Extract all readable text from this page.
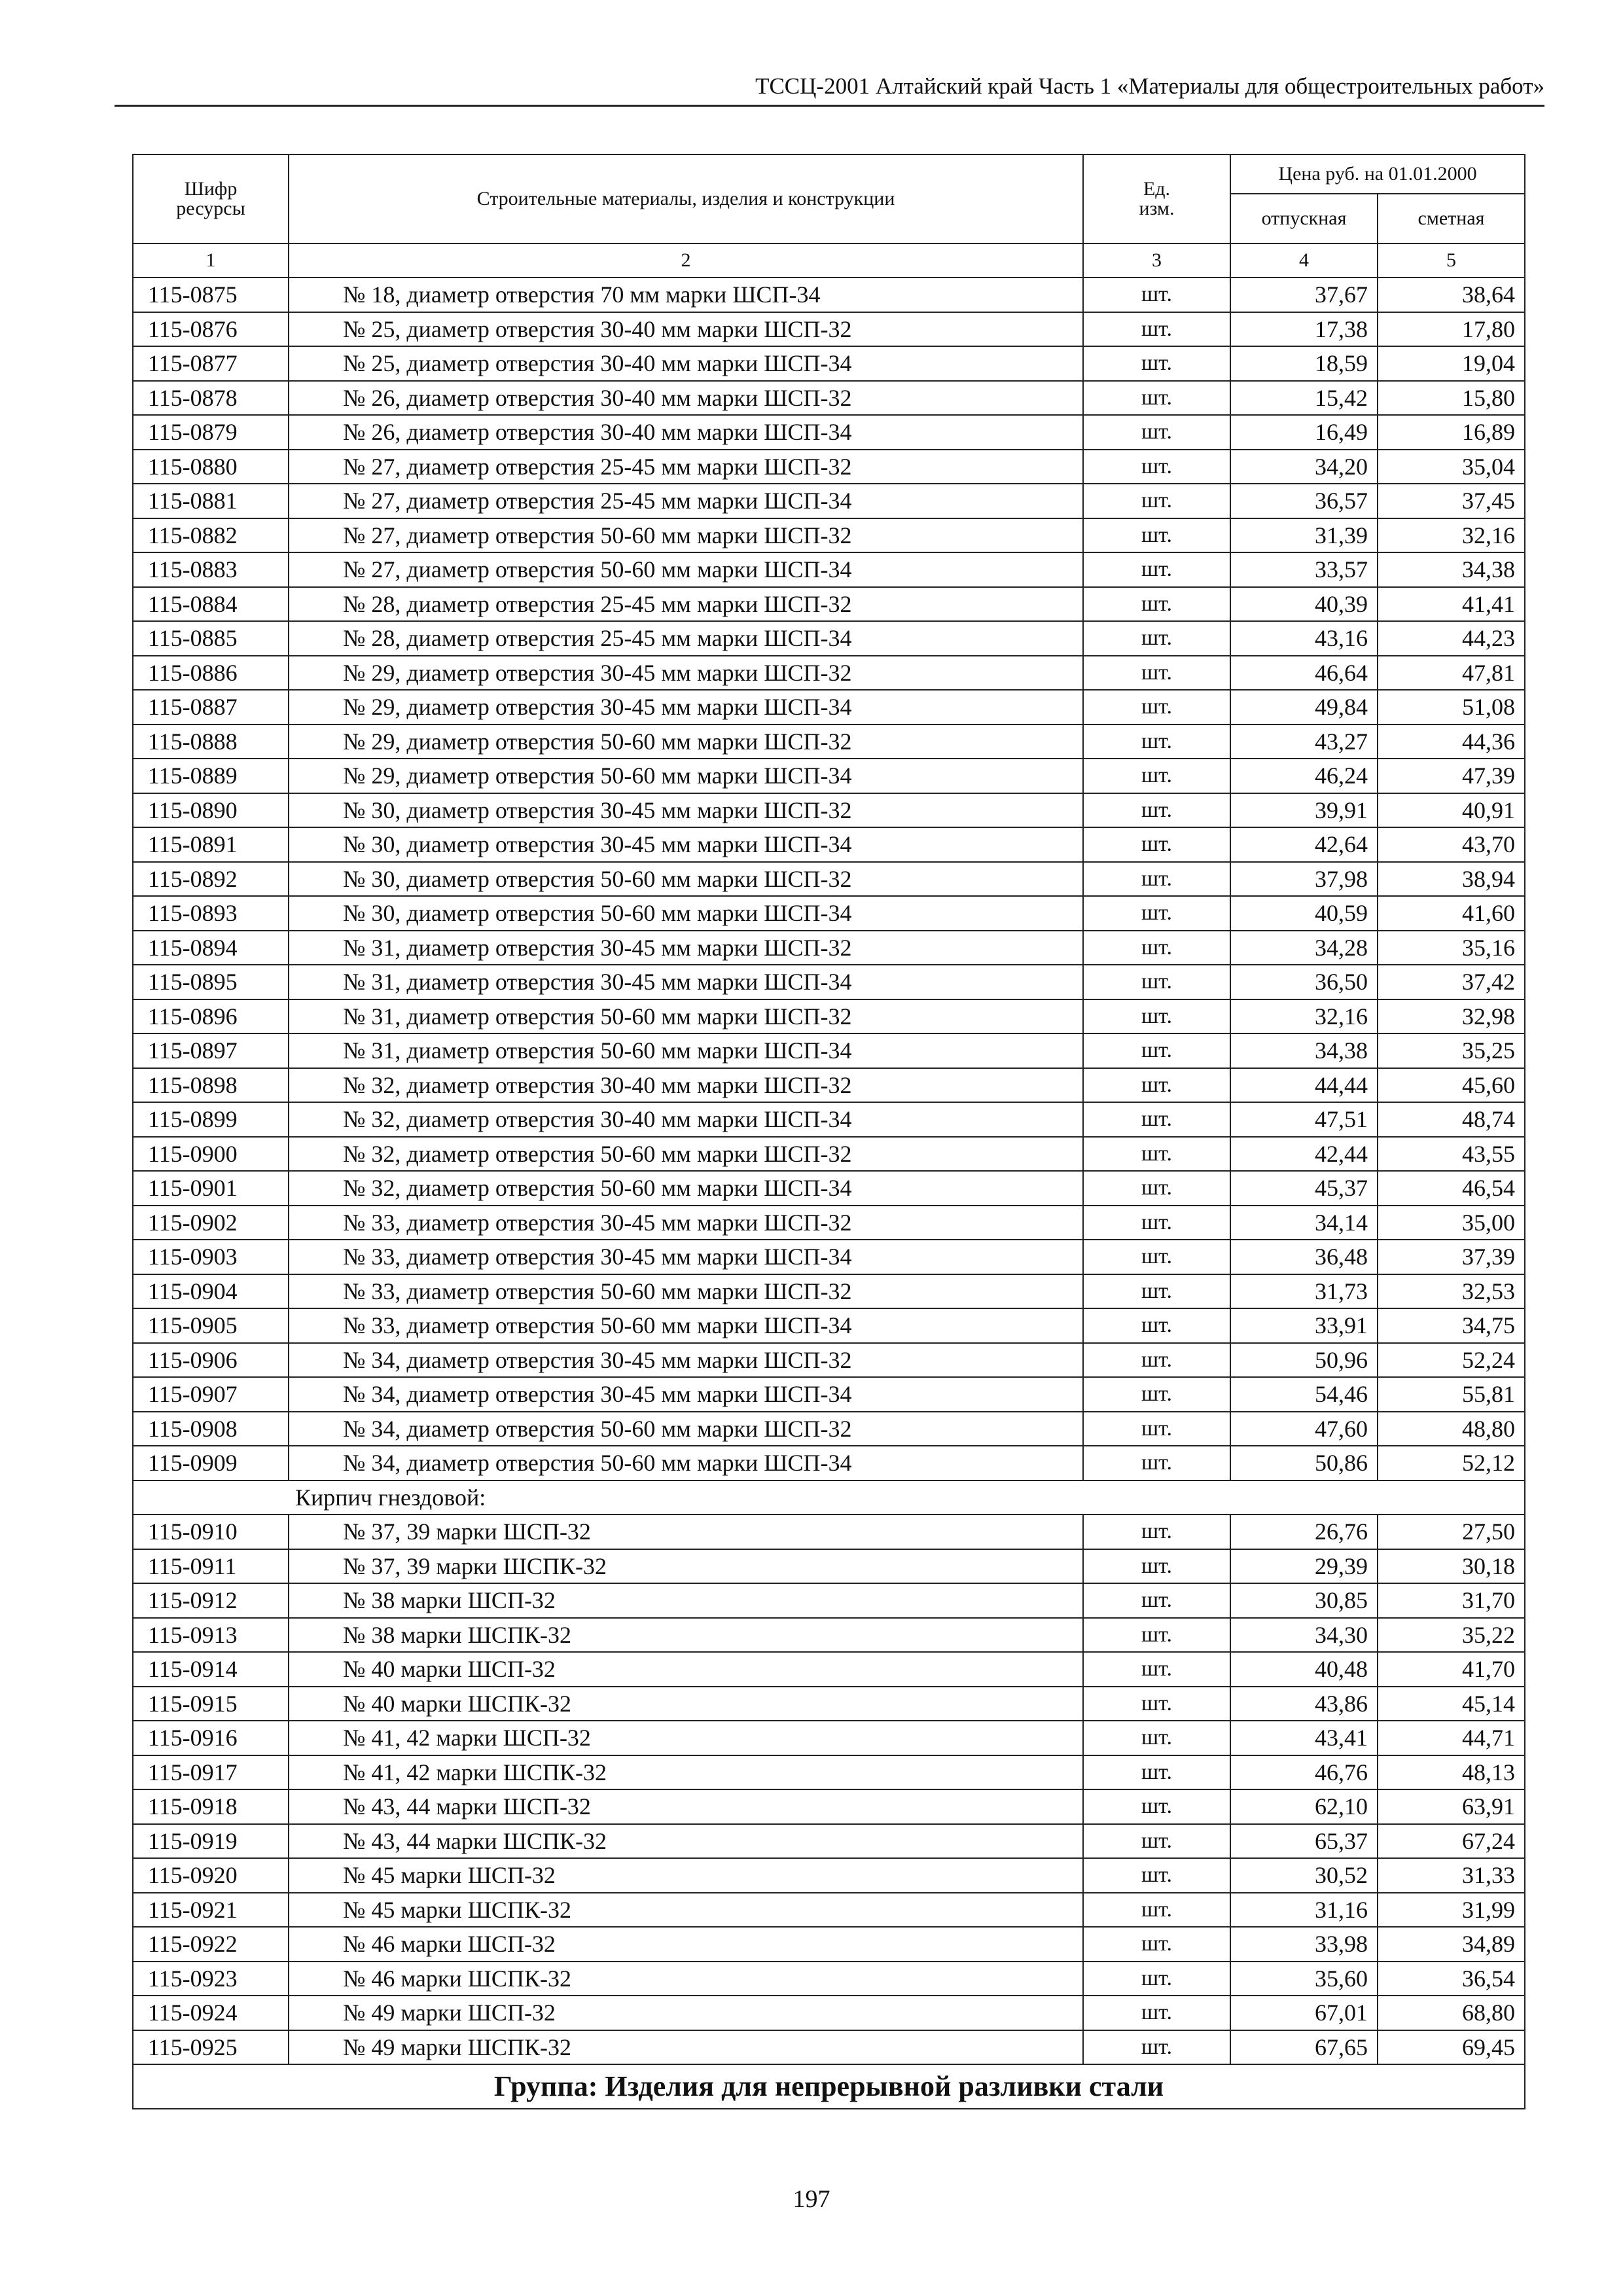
ТССЦ-2001 Алтайский край Часть 1 «Материалы для общестроительных работ»
Шифр
ресурсы	Строительные материалы, изделия и конструкции	Ед.
изм.	Цена руб. на 01.01.2000	
			отпускная	сметная
1	2	3	4	5
115-0875	№ 18, диаметр отверстия 70 мм марки ШСП-34	шт.	37,67	38,64
115-0876	№ 25, диаметр отверстия 30-40 мм марки ШСП-32	шт.	17,38	17,80
115-0877	№ 25, диаметр отверстия 30-40 мм марки ШСП-34	шт.	18,59	19,04
115-0878	№ 26, диаметр отверстия 30-40 мм марки ШСП-32	шт.	15,42	15,80
115-0879	№ 26, диаметр отверстия 30-40 мм марки ШСП-34	шт.	16,49	16,89
115-0880	№ 27, диаметр отверстия 25-45 мм марки ШСП-32	шт.	34,20	35,04
115-0881	№ 27, диаметр отверстия 25-45 мм марки ШСП-34	шт.	36,57	37,45
115-0882	№ 27, диаметр отверстия 50-60 мм марки ШСП-32	шт.	31,39	32,16
115-0883	№ 27, диаметр отверстия 50-60 мм марки ШСП-34	шт.	33,57	34,38
115-0884	№ 28, диаметр отверстия 25-45 мм марки ШСП-32	шт.	40,39	41,41
115-0885	№ 28, диаметр отверстия 25-45 мм марки ШСП-34	шт.	43,16	44,23
115-0886	№ 29, диаметр отверстия 30-45 мм марки ШСП-32	шт.	46,64	47,81
115-0887	№ 29, диаметр отверстия 30-45 мм марки ШСП-34	шт.	49,84	51,08
115-0888	№ 29, диаметр отверстия 50-60 мм марки ШСП-32	шт.	43,27	44,36
115-0889	№ 29, диаметр отверстия 50-60 мм марки ШСП-34	шт.	46,24	47,39
115-0890	№ 30, диаметр отверстия 30-45 мм марки ШСП-32	шт.	39,91	40,91
115-0891	№ 30, диаметр отверстия 30-45 мм марки ШСП-34	шт.	42,64	43,70
115-0892	№ 30, диаметр отверстия 50-60 мм марки ШСП-32	шт.	37,98	38,94
115-0893	№ 30, диаметр отверстия 50-60 мм марки ШСП-34	шт.	40,59	41,60
115-0894	№ 31, диаметр отверстия 30-45 мм марки ШСП-32	шт.	34,28	35,16
115-0895	№ 31, диаметр отверстия 30-45 мм марки ШСП-34	шт.	36,50	37,42
115-0896	№ 31, диаметр отверстия 50-60 мм марки ШСП-32	шт.	32,16	32,98
115-0897	№ 31, диаметр отверстия 50-60 мм марки ШСП-34	шт.	34,38	35,25
115-0898	№ 32, диаметр отверстия 30-40 мм марки ШСП-32	шт.	44,44	45,60
115-0899	№ 32, диаметр отверстия 30-40 мм марки ШСП-34	шт.	47,51	48,74
115-0900	№ 32, диаметр отверстия 50-60 мм марки ШСП-32	шт.	42,44	43,55
115-0901	№ 32, диаметр отверстия 50-60 мм марки ШСП-34	шт.	45,37	46,54
115-0902	№ 33, диаметр отверстия 30-45 мм марки ШСП-32	шт.	34,14	35,00
115-0903	№ 33, диаметр отверстия 30-45 мм марки ШСП-34	шт.	36,48	37,39
115-0904	№ 33, диаметр отверстия 50-60 мм марки ШСП-32	шт.	31,73	32,53
115-0905	№ 33, диаметр отверстия 50-60 мм марки ШСП-34	шт.	33,91	34,75
115-0906	№ 34, диаметр отверстия 30-45 мм марки ШСП-32	шт.	50,96	52,24
115-0907	№ 34, диаметр отверстия 30-45 мм марки ШСП-34	шт.	54,46	55,81
115-0908	№ 34, диаметр отверстия 50-60 мм марки ШСП-32	шт.	47,60	48,80
115-0909	№ 34, диаметр отверстия 50-60 мм марки ШСП-34	шт.	50,86	52,12
Кирпич гнездовой:				
115-0910	№ 37, 39 марки ШСП-32	шт.	26,76	27,50
115-0911	№ 37, 39 марки ШСПК-32	шт.	29,39	30,18
115-0912	№ 38 марки ШСП-32	шт.	30,85	31,70
115-0913	№ 38 марки ШСПК-32	шт.	34,30	35,22
115-0914	№ 40 марки ШСП-32	шт.	40,48	41,70
115-0915	№ 40 марки ШСПК-32	шт.	43,86	45,14
115-0916	№ 41, 42 марки ШСП-32	шт.	43,41	44,71
115-0917	№ 41, 42 марки ШСПК-32	шт.	46,76	48,13
115-0918	№ 43, 44 марки ШСП-32	шт.	62,10	63,91
115-0919	№ 43, 44 марки ШСПК-32	шт.	65,37	67,24
115-0920	№ 45 марки ШСП-32	шт.	30,52	31,33
115-0921	№ 45 марки ШСПК-32	шт.	31,16	31,99
115-0922	№ 46 марки ШСП-32	шт.	33,98	34,89
115-0923	№ 46 марки ШСПК-32	шт.	35,60	36,54
115-0924	№ 49 марки ШСП-32	шт.	67,01	68,80
115-0925	№ 49 марки ШСПК-32	шт.	67,65	69,45
Группа: Изделия для непрерывной разливки стали				
197
